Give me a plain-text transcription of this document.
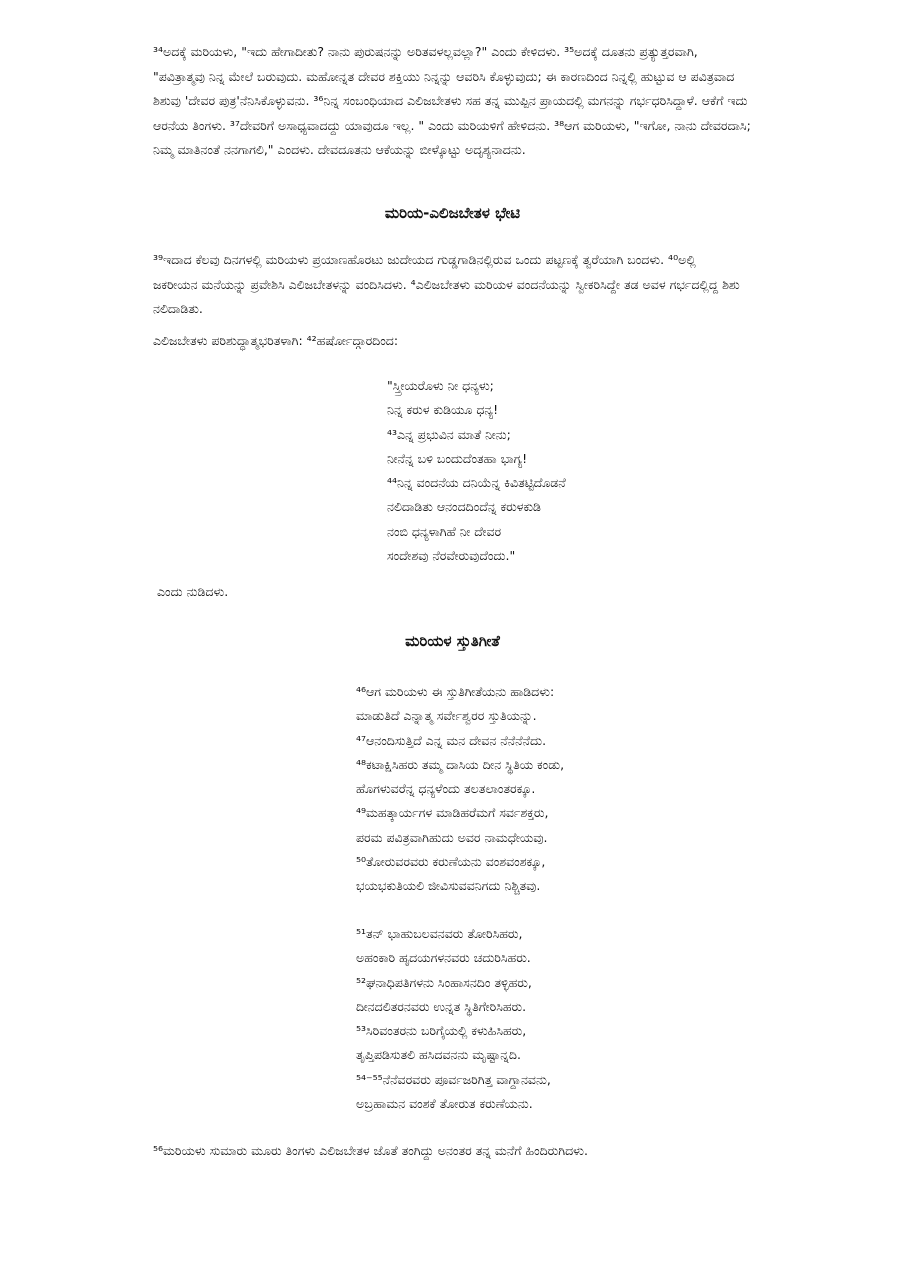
³⁴ಅದಕ್ಕೆ ಮರಿಯಳು, "ಇದು ಹೇಗಾದೀತು? ನಾನು ಪುರುಷನನ್ನು ಅರಿತವಳಲ್ಲವಲ್ಲಾ?" ಎಂದು ಕೇಳಿದಳು. ³⁵ಅದಕ್ಕೆ ದೂತನು ಪ್ರತ್ಯುತ್ತರವಾಗಿ,
"ಪವಿತ್ರಾತ್ಮವು ನಿನ್ನ ಮೇಲೆ ಬರುವುದು. ಮಹೋನ್ನತ ದೇವರ ಶಕ್ತಿಯು ನಿನ್ನನ್ನು ಆವರಿಸಿ ಕೊಳ್ಳುವುದು; ಈ ಕಾರಣದಿಂದ ನಿನ್ನಲ್ಲಿ ಹುಟ್ಟುವ ಆ ಪವಿತ್ರವಾದ
ಶಿಶುವು 'ದೇವರ ಪುತ್ರ'ನೆನಿಸಿಕೊಳ್ಳುವನು. ³⁶ನಿನ್ನ ಸಂಬಂಧಿಯಾದ ಎಲಿಜಬೇತಳು ಸಹ ತನ್ನ ಮುಪ್ಪಿನ ಪ್ರಾಯದಲ್ಲಿ ಮಗನನ್ನು ಗರ್ಭಧರಿಸಿದ್ದಾಳೆ. ಆಕೆಗೆ ಇದು
ಆರನೆಯ ತಿಂಗಳು. ³⁷ದೇವರಿಗೆ ಅಸಾಧ್ಯವಾದದ್ದು ಯಾವುದೂ ಇಲ್ಲ. " ಎಂದು ಮರಿಯಳಿಗೆ ಹೇಳಿದನು. ³⁸ಆಗ ಮರಿಯಳು, "ಇಗೋ, ನಾನು ದೇವರದಾಸಿ;
ನಿಮ್ಮ ಮಾತಿನಂತೆ ನನಗಾಗಲಿ," ಎಂದಳು. ದೇವದೂತನು ಆಕೆಯನ್ನು ಬೀಳ್ಕೊಟ್ಟು ಅದೃಶ್ಯನಾದನು.
ಮರಿಯ-ಎಲಿಜಬೇತಳ ಭೇಟಿ
³⁹ಇದಾದ ಕೆಲವು ದಿನಗಳಲ್ಲಿ ಮರಿಯಳು ಪ್ರಯಾಣಹೊರಟು ಜುದೇಯದ ಗುಡ್ಡಗಾಡಿನಲ್ಲಿರುವ ಒಂದು ಪಟ್ಟಣಕ್ಕೆ ತ್ವರೆಯಾಗಿ ಬಂದಳು. ⁴⁰ಅಲ್ಲಿ
ಜಕರೀಯನ ಮನೆಯನ್ನು ಪ್ರವೇಶಿಸಿ ಎಲಿಜಬೇತಳನ್ನು ವಂದಿಸಿದಳು. ⁴ಎಲಿಜಬೇತಳು ಮರಿಯಳ ವಂದನೆಯನ್ನು ಸ್ವೀಕರಿಸಿದ್ದೇ ತಡ ಅವಳ ಗರ್ಭದಲ್ಲಿದ್ದ ಶಿಶು
ನಲಿದಾಡಿತು.
ಎಲಿಜಬೇತಳು ಪರಿಶುದ್ಧಾತ್ಮಭರಿತಳಾಗಿ: ⁴²ಹರ್ಷೋದ್ಗಾರದಿಂದ:
"ಸ್ತ್ರೀಯರೊಳು ನೀ ಧನ್ಯಳು;
ನಿನ್ನ ಕರುಳ ಕುಡಿಯೂ ಧನ್ಯ!
⁴³ಎನ್ನ ಪ್ರಭುವಿನ ಮಾತೆ ನೀನು;
ನೀನೆನ್ನ ಬಳಿ ಬಂದುದೆಂತಹಾ ಭಾಗ್ಯ!
⁴⁴ನಿನ್ನ ವಂದನೆಯ ದನಿಯೆನ್ನ ಕಿವಿತಟ್ಟಿದೊಡನೆ
ನಲಿದಾಡಿತು ಆನಂದದಿಂದೆನ್ನ ಕರುಳಕುಡಿ
ನಂಬಿ ಧನ್ಯಳಾಗಿಹೆ ನೀ ದೇವರ
ಸಂದೇಶವು ನೆರವೇರುವುದೆಂದು."
ಎಂದು ನುಡಿದಳು.
ಮರಿಯಳ ಸ್ತುತಿಗೀತೆ
⁴⁶ಆಗ ಮರಿಯಳು ಈ ಸ್ತುತಿಗೀತೆಯನು ಹಾಡಿದಳು:
ಮಾಡುತಿದೆ ಎನ್ನಾತ್ಮ ಸರ್ವೇಶ್ವರರ ಸ್ತುತಿಯನ್ನು.
⁴⁷ಆನಂದಿಸುತ್ತಿದೆ ಎನ್ನ ಮನ ದೇವನ ನೆನೆನೆನೆದು.
⁴⁸ಕಟಾಕ್ಷಿಸಿಹರು ತಮ್ಮ ದಾಸಿಯ ದೀನ ಸ್ಥಿತಿಯ ಕಂಡು,
ಹೊಗಳುವರೆನ್ನ ಧನ್ಯಳೆಂದು ತಲತಲಾಂತರಕ್ಕೂ.
⁴⁹ಮಹತ್ಕಾರ್ಯಗಳ ಮಾಡಿಹರೆಮಗೆ ಸರ್ವಶಕ್ತರು,
ಪರಮ ಪವಿತ್ರವಾಗಿಹುದು ಅವರ ನಾಮಧೇಯವು.
⁵⁰ತೋರುವರವರು ಕರುಣೆಯನು ವಂಶವಂಶಕ್ಕೂ,
ಭಯಭಕುತಿಯಲಿ ಜೀವಿಸುವವನಿಗದು ನಿಶ್ಚಿತವು.
⁵¹ತನ್ ಭಾಹುಬಲವನವರು ತೋರಿಸಿಹರು,
ಅಹಂಕಾರಿ ಹೃದಯಗಳನವರು ಚದುರಿಸಿಹರು.
⁵²ಘನಾಧಿಪತಿಗಳನು ಸಿಂಹಾಸನದಿಂ ತಳ್ಳಿಹರು,
ದೀನದಲಿತರನವರು ಉನ್ನತ ಸ್ಥಿತಿಗೇರಿಸಿಹರು.
⁵³ಸಿರಿವಂತರನು ಬರಿಗೈಯಲ್ಲಿ ಕಳುಹಿಸಿಹರು,
ತೃಪ್ತಿಪಡಿಸುತಲಿ ಹಸಿದವನನು ಮೃಷ್ಟಾನ್ನದಿ.
⁵⁴⁻⁵⁵ನೆನೆವರವರು ಪೂರ್ವಜರಿಗಿತ್ತ ವಾಗ್ದಾನವನು,
ಅಬ್ರಹಾಮನ ವಂಶಕೆ ತೋರುತ ಕರುಣೆಯನು.
⁵⁶ಮರಿಯಳು ಸುಮಾರು ಮೂರು ತಿಂಗಳು ಎಲಿಜಬೇತಳ ಜೊತೆ ತಂಗಿದ್ದು ಅನಂತರ ತನ್ನ ಮನೆಗೆ ಹಿಂದಿರುಗಿದಳು.
